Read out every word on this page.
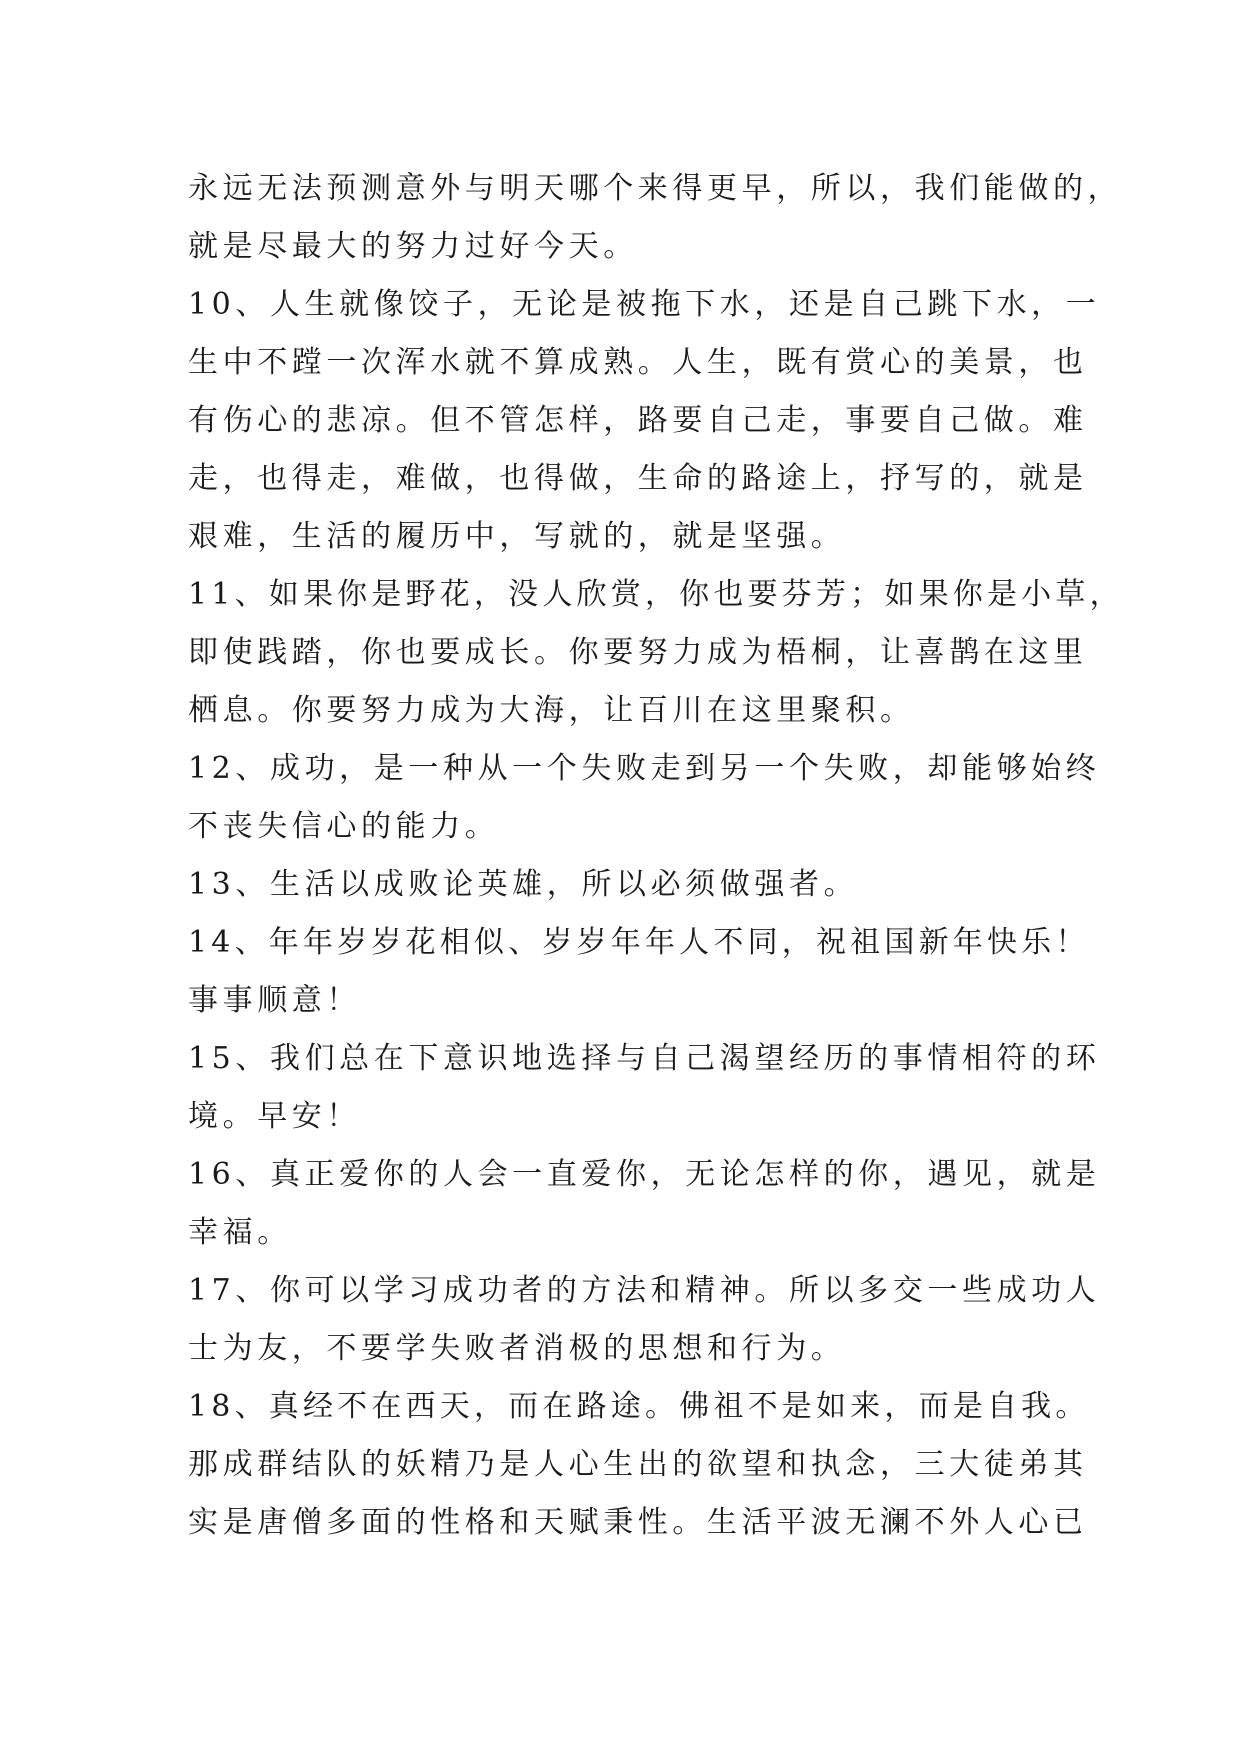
永远无法预测意外与明天哪个来得更早，所以，我们能做的，
就是尽最大的努力过好今天。
10、人生就像饺子，无论是被拖下水，还是自己跳下水，一
生中不蹚一次浑水就不算成熟。人生，既有赏心的美景，也
有伤心的悲凉。但不管怎样，路要自己走，事要自己做。难
走，也得走，难做，也得做，生命的路途上，抒写的，就是
艰难，生活的履历中，写就的，就是坚强。
11、如果你是野花，没人欣赏，你也要芬芳；如果你是小草，
即使践踏，你也要成长。你要努力成为梧桐，让喜鹊在这里
栖息。你要努力成为大海，让百川在这里聚积。
12、成功，是一种从一个失败走到另一个失败，却能够始终
不丧失信心的能力。
13、生活以成败论英雄，所以必须做强者。
14、年年岁岁花相似、岁岁年年人不同，祝祖国新年快乐！
事事顺意！
15、我们总在下意识地选择与自己渴望经历的事情相符的环
境。早安！
16、真正爱你的人会一直爱你，无论怎样的你，遇见，就是
幸福。
17、你可以学习成功者的方法和精神。所以多交一些成功人
士为友，不要学失败者消极的思想和行为。
18、真经不在西天，而在路途。佛祖不是如来，而是自我。
那成群结队的妖精乃是人心生出的欲望和执念，三大徒弟其
实是唐僧多面的性格和天赋秉性。生活平波无澜不外人心已
